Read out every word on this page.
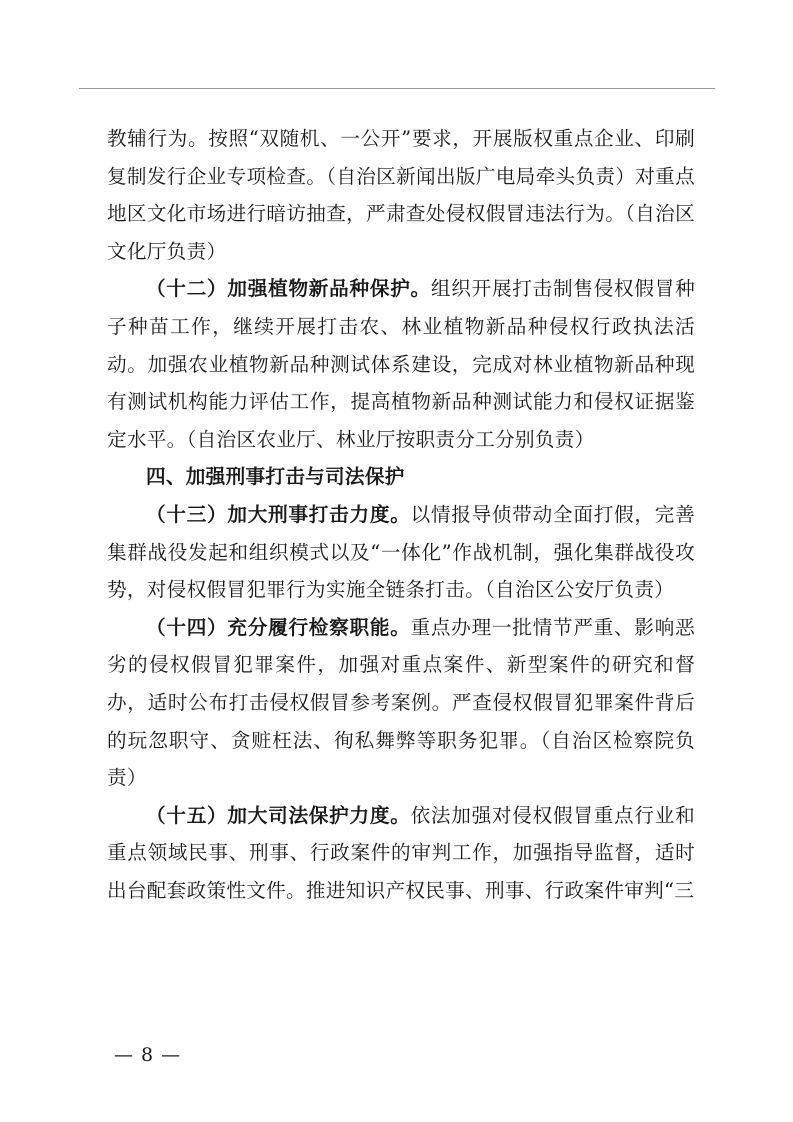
教辅行为。按照“双随机、一公开”要求，开展版权重点企业、印刷复制发行企业专项检查。（自治区新闻出版广电局牵头负责）对重点地区文化市场进行暗访抽查，严肃查处侵权假冒违法行为。（自治区文化厅负责）

（十二）加强植物新品种保护。组织开展打击制售侵权假冒种子种苗工作，继续开展打击农、林业植物新品种侵权行政执法活动。加强农业植物新品种测试体系建设，完成对林业植物新品种现有测试机构能力评估工作，提高植物新品种测试能力和侵权证据鉴定水平。（自治区农业厅、林业厅按职责分工分别负责）

四、加强刑事打击与司法保护

（十三）加大刑事打击力度。以情报导侦带动全面打假，完善集群战役发起和组织模式以及“一体化”作战机制，强化集群战役攻势，对侵权假冒犯罪行为实施全链条打击。（自治区公安厅负责）

（十四）充分履行检察职能。重点办理一批情节严重、影响恶劣的侵权假冒犯罪案件，加强对重点案件、新型案件的研究和督办，适时公布打击侵权假冒参考案例。严查侵权假冒犯罪案件背后的玩忽职守、贪赃枉法、徇私舞弊等职务犯罪。（自治区检察院负责）

（十五）加大司法保护力度。依法加强对侵权假冒重点行业和重点领域民事、刑事、行政案件的审判工作，加强指导监督，适时出台配套政策性文件。推进知识产权民事、刑事、行政案件审判“三

— 8 —
